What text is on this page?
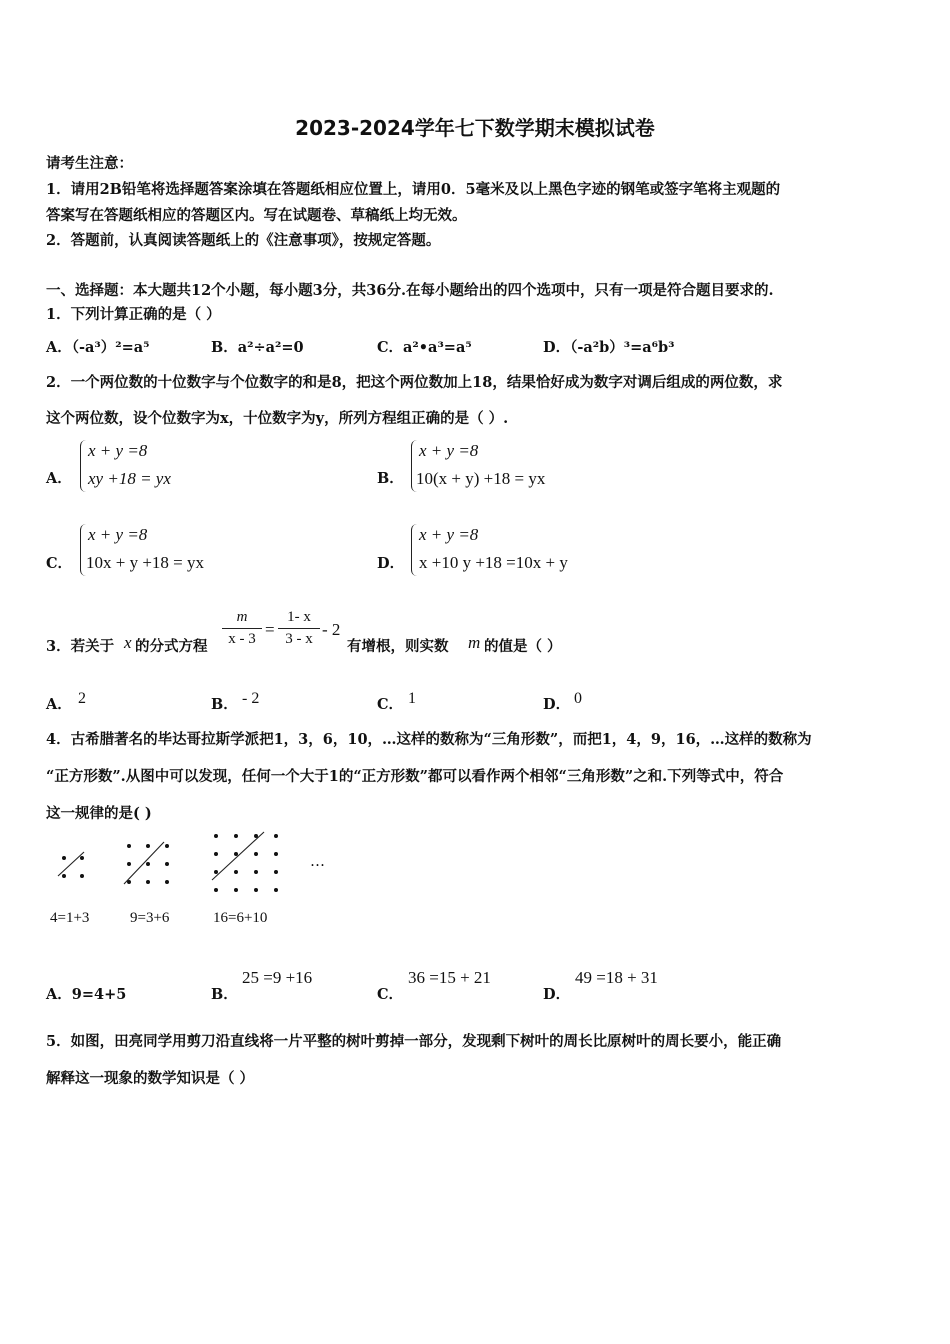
2023-2024学年七下数学期末模拟试卷
请考生注意：
1．请用2B铅笔将选择题答案涂填在答题纸相应位置上，请用0．5毫米及以上黑色字迹的钢笔或签字笔将主观题的
答案写在答题纸相应的答题区内。写在试题卷、草稿纸上均无效。
2．答题前，认真阅读答题纸上的《注意事项》，按规定答题。
一、选择题：本大题共12个小题，每小题3分，共36分.在每小题给出的四个选项中，只有一项是符合题目要求的.
1．下列计算正确的是（ ）
A．（-a³）²=a⁵	B．a²÷a²=0	C．a²•a³=a⁵	D．（-a²b）³=a⁶b³
2．一个两位数的十位数字与个位数字的和是8，把这个两位数加上18，结果恰好成为数字对调后组成的两位数，求
这个两位数，设个位数字为x，十位数字为y，所列方程组正确的是（ ）.
A．
x + y =8
xy +18 = yx	B．
x + y =8
10(x + y) +18 = yx
C．
x + y =8
10x + y +18 = yx	D．
x + y =8
x +10 y +18 =10x + y
3．若关于 x 的分式方程
m
x - 3 =
1- x
3 - x - 2
有增根，则实数 m 的值是（ ）
A． 2	B． - 2	C． 1	D． 0
4．古希腊著名的毕达哥拉斯学派把1，3，6，10，…这样的数称为“三角形数”，而把1，4，9，16，…这样的数称为
“正方形数”.从图中可以发现，任何一个大于1的“正方形数”都可以看作两个相邻“三角形数”之和.下列等式中，符合
这一规律的是( )
…
4=1+3	9=3+6	16=6+10
A．9=4+5	B．
25 =9 +16
C．
36 =15 + 21
D．
49 =18 + 31
5．如图，田亮同学用剪刀沿直线将一片平整的树叶剪掉一部分，发现剩下树叶的周长比原树叶的周长要小，能正确
解释这一现象的数学知识是（ ）
